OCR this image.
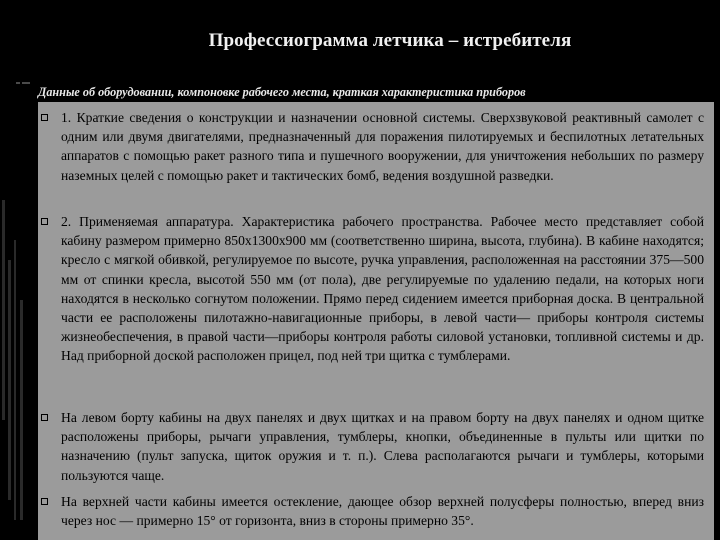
Профессиограмма летчика – истребителя
Данные об оборудовании, компоновке рабочего места, краткая характеристика приборов
1. Краткие сведения о конструкции и назначении основной системы. Сверхзвуковой реактивный самолет с одним или двумя двигателями, предназначенный для поражения пилотируемых и беспилотных летательных аппаратов с помощью ракет разного типа и пушечного вооружении, для уничтожения небольших по размеру наземных целей с помощью ракет и тактических бомб, ведения воздушной разведки.
2. Применяемая аппаратура. Характеристика рабочего пространства. Рабочее место представляет собой кабину размером примерно 850х1300х900 мм (соответственно ширина, высота, глубина). В кабине находятся; кресло с мягкой обивкой, регулируемое по высоте, ручка управления, расположенная на расстоянии 375—500 мм от спинки кресла, высотой 550 мм (от пола), две регулируемые по удалению педали, на которых ноги находятся в несколько согнутом положении. Прямо перед сидением имеется приборная доска. В центральной части ее расположены пилотажно-навигационные приборы, в левой части— приборы контроля системы жизнеобеспечения, в правой части—приборы контроля работы силовой установки, топливной системы и др. Над приборной доской расположен прицел, под ней три щитка с тумблерами.
На левом борту кабины на двух панелях и двух щитках и на правом борту на двух панелях и одном щитке расположены приборы, рычаги управления, тумблеры, кнопки, объединенные в пульты или щитки по назначению (пульт запуска, щиток оружия и т. п.). Слева располагаются рычаги и тумблеры, которыми пользуются чаще.
На верхней части кабины имеется остекление, дающее обзор верхней полусферы полностью, вперед вниз через нос — примерно 15° от горизонта, вниз в стороны примерно 35°.
